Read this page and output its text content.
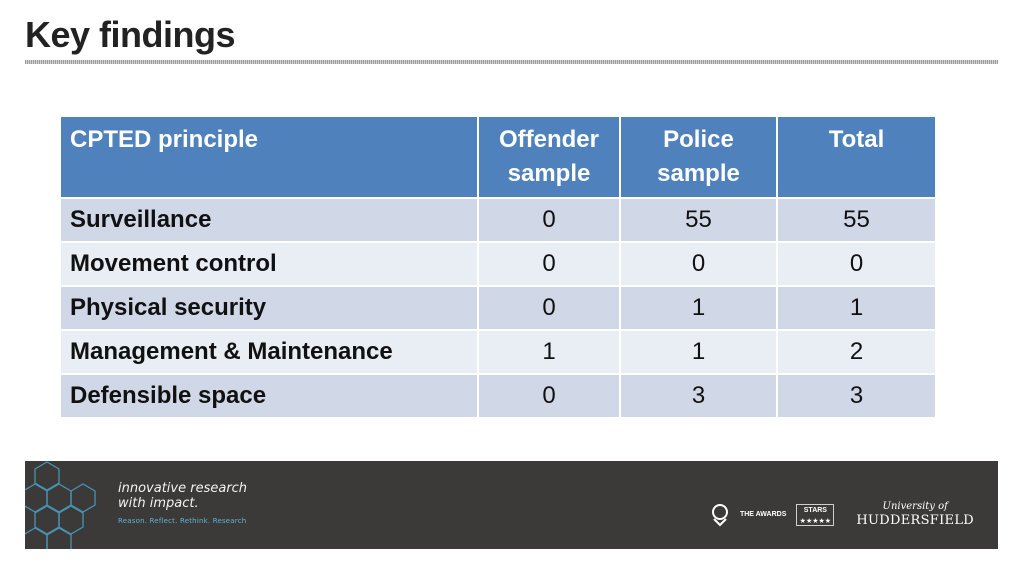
Key findings
CPTED principle	Offender sample	Police sample	Total
Surveillance	0	55	55
Movement control	0	0	0
Physical security	0	1	1
Management & Maintenance	1	1	2
Defensible space	0	3	3
innovative research with impact.
Reason. Reflect. Rethink. Research
THE AWARDS
STARS
★★★★★
University of
HUDDERSFIELD
